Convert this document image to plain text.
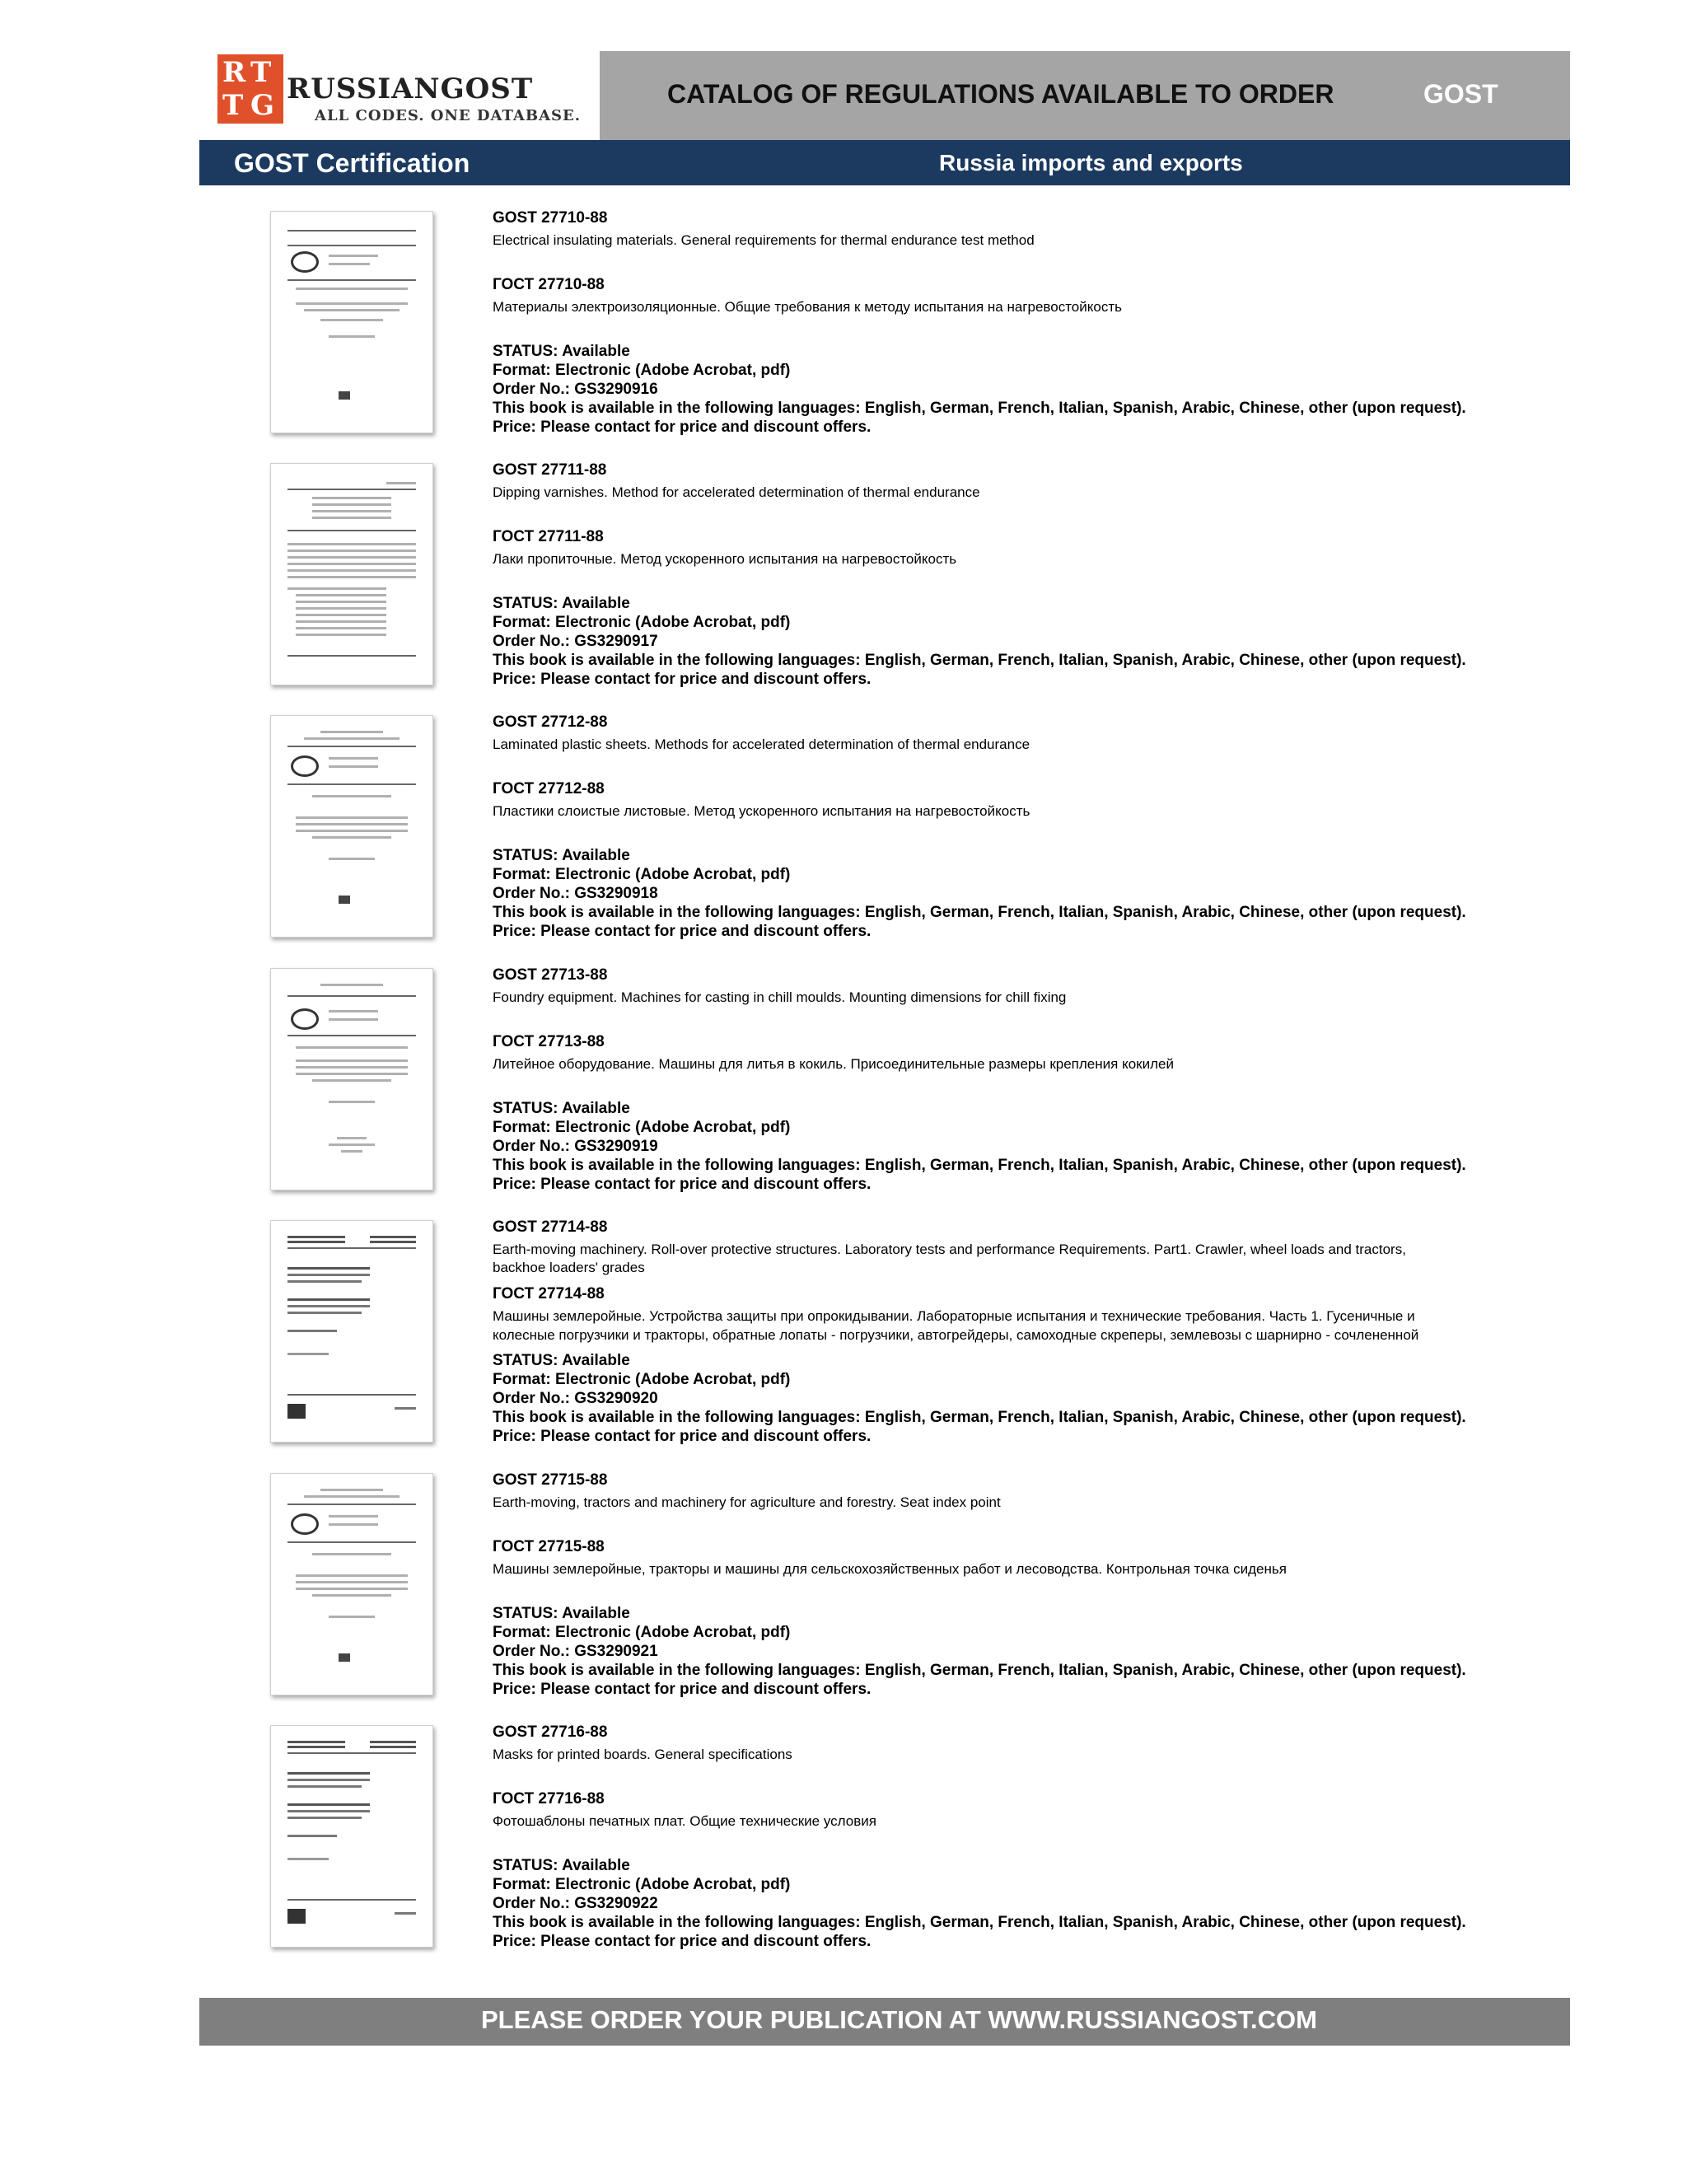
R T
T G RUSSIANGOST
ALL CODES. ONE DATABASE.
CATALOG OF REGULATIONS AVAILABLE TO ORDER	GOST
GOST Certification	Russia imports and exports
GOST 27710-88
Electrical insulating materials. General requirements for thermal endurance test method
ГОСТ 27710-88
Материалы электроизоляционные. Общие требования к методу испытания на нагревостойкость
STATUS: Available
Format: Electronic (Adobe Acrobat, pdf)
Order No.: GS3290916
This book is available in the following languages: English, German, French, Italian, Spanish, Arabic, Chinese, other (upon request).
Price: Please contact for price and discount offers.
GOST 27711-88
Dipping varnishes. Method for accelerated determination of thermal endurance
ГОСТ 27711-88
Лаки пропиточные. Метод ускоренного испытания на нагревостойкость
STATUS: Available
Format: Electronic (Adobe Acrobat, pdf)
Order No.: GS3290917
This book is available in the following languages: English, German, French, Italian, Spanish, Arabic, Chinese, other (upon request).
Price: Please contact for price and discount offers.
GOST 27712-88
Laminated plastic sheets. Methods for accelerated determination of thermal endurance
ГОСТ 27712-88
Пластики слоистые листовые. Метод ускоренного испытания на нагревостойкость
STATUS: Available
Format: Electronic (Adobe Acrobat, pdf)
Order No.: GS3290918
This book is available in the following languages: English, German, French, Italian, Spanish, Arabic, Chinese, other (upon request).
Price: Please contact for price and discount offers.
GOST 27713-88
Foundry equipment. Machines for casting in chill moulds. Mounting dimensions for chill fixing
ГОСТ 27713-88
Литейное оборудование. Машины для литья в кокиль. Присоединительные размеры крепления кокилей
STATUS: Available
Format: Electronic (Adobe Acrobat, pdf)
Order No.: GS3290919
This book is available in the following languages: English, German, French, Italian, Spanish, Arabic, Chinese, other (upon request).
Price: Please contact for price and discount offers.
GOST 27714-88
Earth-moving machinery. Roll-over protective structures. Laboratory tests and performance Requirements. Part1. Crawler, wheel loads and tractors,
backhoe loaders' grades
ГОСТ 27714-88
Машины землеройные. Устройства защиты при опрокидывании. Лабораторные испытания и технические требования. Часть 1. Гусеничные и
колесные погрузчики и тракторы, обратные лопаты - погрузчики, автогрейдеры, самоходные скреперы, землевозы с шарнирно - сочлененной
STATUS: Available
Format: Electronic (Adobe Acrobat, pdf)
Order No.: GS3290920
This book is available in the following languages: English, German, French, Italian, Spanish, Arabic, Chinese, other (upon request).
Price: Please contact for price and discount offers.
GOST 27715-88
Earth-moving, tractors and machinery for agriculture and forestry. Seat index point
ГОСТ 27715-88
Машины землеройные, тракторы и машины для сельскохозяйственных работ и лесоводства. Контрольная точка сиденья
STATUS: Available
Format: Electronic (Adobe Acrobat, pdf)
Order No.: GS3290921
This book is available in the following languages: English, German, French, Italian, Spanish, Arabic, Chinese, other (upon request).
Price: Please contact for price and discount offers.
GOST 27716-88
Masks for printed boards. General specifications
ГОСТ 27716-88
Фотошаблоны печатных плат. Общие технические условия
STATUS: Available
Format: Electronic (Adobe Acrobat, pdf)
Order No.: GS3290922
This book is available in the following languages: English, German, French, Italian, Spanish, Arabic, Chinese, other (upon request).
Price: Please contact for price and discount offers.
PLEASE ORDER YOUR PUBLICATION AT WWW.RUSSIANGOST.COM
